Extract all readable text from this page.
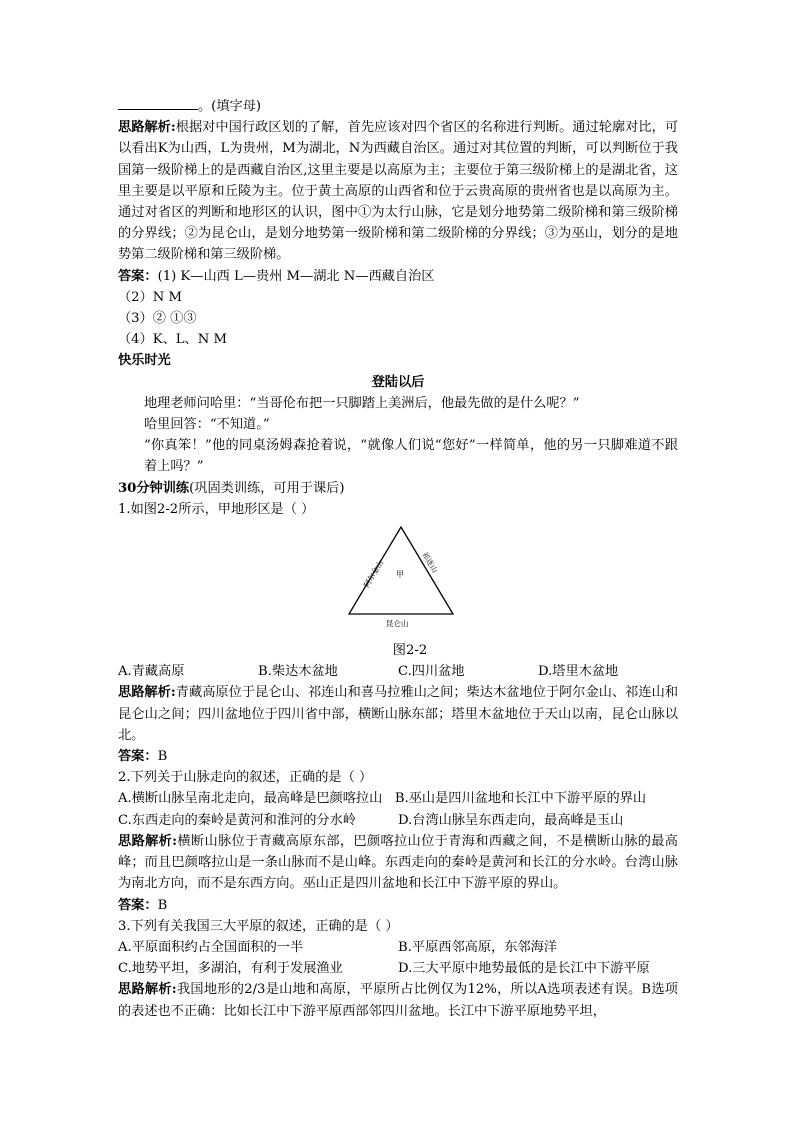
。(填字母)
思路解析:根据对中国行政区划的了解，首先应该对四个省区的名称进行判断。通过轮廓对比，可以看出K为山西，L为贵州，M为湖北，N为西藏自治区。通过对其位置的判断，可以判断位于我国第一级阶梯上的是西藏自治区,这里主要是以高原为主；主要位于第三级阶梯上的是湖北省，这里主要是以平原和丘陵为主。位于黄土高原的山西省和位于云贵高原的贵州省也是以高原为主。通过对省区的判断和地形区的认识，图中①为太行山脉，它是划分地势第二级阶梯和第三级阶梯的分界线；②为昆仑山，是划分地势第一级阶梯和第二级阶梯的分界线；③为巫山，划分的是地势第二级阶梯和第三级阶梯。
答案：(1) K—山西 L—贵州 M—湖北 N—西藏自治区
（2）N M
（3）② ①③
（4）K、L、N M
快乐时光
登陆以后
地理老师问哈里：“当哥伦布把一只脚踏上美洲后，他最先做的是什么呢？”
哈里回答：“不知道。”
“你真笨！”他的同桌汤姆森抢着说，“就像人们说“您好”一样简单，他的另一只脚难道不跟着上吗？”
30分钟训练(巩固类训练，可用于课后)
1.如图2-2所示，甲地形区是（ ）
甲
阿尔金山	祁连山
昆仑山
图2-2
A.青藏高原	B.柴达木盆地	C.四川盆地	D.塔里木盆地
思路解析:青藏高原位于昆仑山、祁连山和喜马拉雅山之间；柴达木盆地位于阿尔金山、祁连山和昆仑山之间；四川盆地位于四川省中部，横断山脉东部；塔里木盆地位于天山以南，昆仑山脉以北。
答案：B
2.下列关于山脉走向的叙述，正确的是（ ）
A.横断山脉呈南北走向，最高峰是巴颜喀拉山 B.巫山是四川盆地和长江中下游平原的界山
C.东西走向的秦岭是黄河和淮河的分水岭	D.台湾山脉呈东西走向，最高峰是玉山
思路解析:横断山脉位于青藏高原东部，巴颜喀拉山位于青海和西藏之间，不是横断山脉的最高峰；而且巴颜喀拉山是一条山脉而不是山峰。东西走向的秦岭是黄河和长江的分水岭。台湾山脉为南北方向，而不是东西方向。巫山正是四川盆地和长江中下游平原的界山。
答案：B
3.下列有关我国三大平原的叙述，正确的是（ ）
A.平原面积约占全国面积的一半	B.平原西邻高原，东邻海洋
C.地势平坦，多湖泊，有利于发展渔业	D.三大平原中地势最低的是长江中下游平原
思路解析:我国地形的2/3是山地和高原，平原所占比例仅为12%，所以A选项表述有误。B选项的表述也不正确：比如长江中下游平原西部邻四川盆地。长江中下游平原地势平坦，
